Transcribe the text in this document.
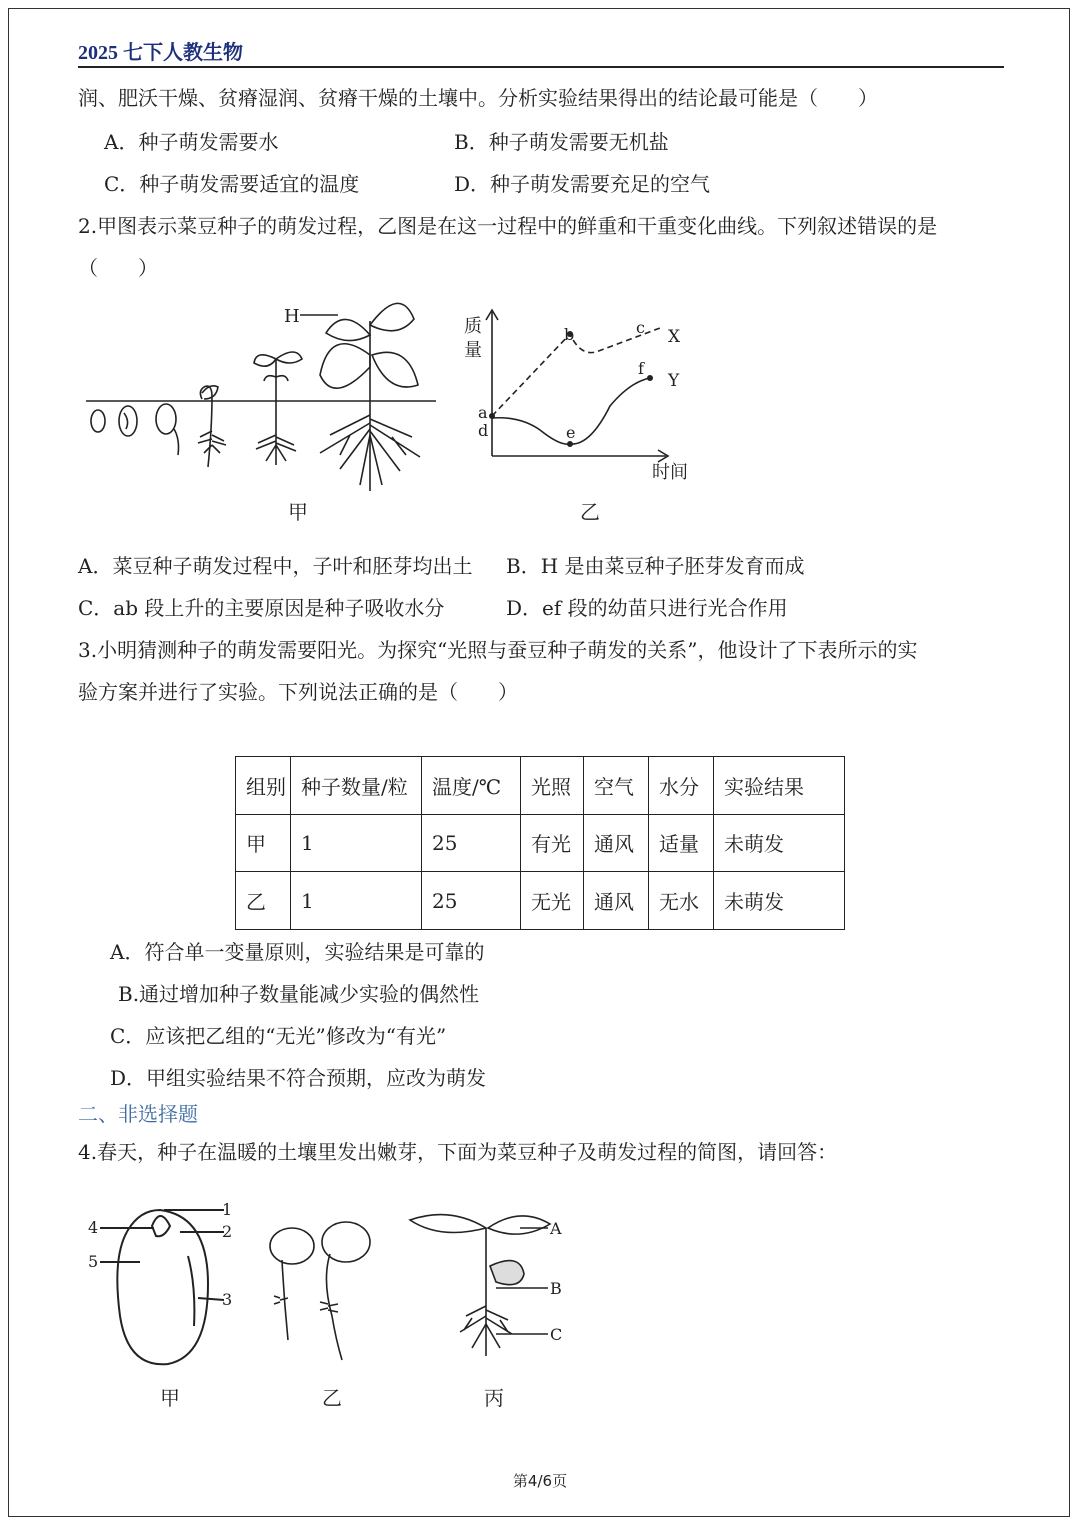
2025 七下人教生物
润、肥沃干燥、贫瘠湿润、贫瘠干燥的土壤中。分析实验结果得出的结论最可能是（　　）
A．种子萌发需要水	B．种子萌发需要无机盐
C．种子萌发需要适宜的温度	D．种子萌发需要充足的空气
2.甲图表示菜豆种子的萌发过程，乙图是在这一过程中的鲜重和干重变化曲线。下列叙述错误的是
（　　）
H
甲
质
量
时间
a
d
b	c
e
f
X
Y
乙
A．菜豆种子萌发过程中，子叶和胚芽均出土 B．H 是由菜豆种子胚芽发育而成
C．ab 段上升的主要原因是种子吸收水分	D．ef 段的幼苗只进行光合作用
3.小明猜测种子的萌发需要阳光。为探究“光照与蚕豆种子萌发的关系”，他设计了下表所示的实
验方案并进行了实验。下列说法正确的是（　　）
组别	种子数量/粒	温度/℃	光照	空气	水分	实验结果
甲	1	25	有光	通风	适量	未萌发
乙	1	25	无光	通风	无水	未萌发
A．符合单一变量原则，实验结果是可靠的
B.通过增加种子数量能减少实验的偶然性
C．应该把乙组的“无光”修改为“有光”
D．甲组实验结果不符合预期，应改为萌发
二、非选择题
4.春天，种子在温暖的土壤里发出嫩芽，下面为菜豆种子及萌发过程的简图，请回答：
1
2
3
4
5
甲	乙
A
B
C
丙
第4/6页
